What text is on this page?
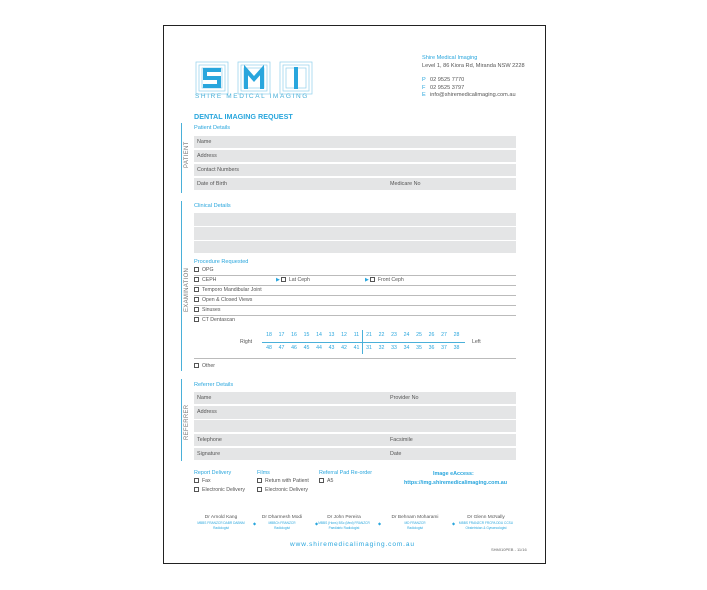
SHIRE MEDICAL IMAGING
Shire Medical Imaging
Level 1, 86 Kiora Rd, Miranda NSW 2228
P 02 9525 7770
F 02 9525 3797
E info@shiremedicalimaging.com.au
DENTAL IMAGING REQUEST
PATIENT
Patient Details
Name
Address
Contact Numbers
Date of Birth	Medicare No
EXAMINATION
Clinical Details
Procedure Requested
OPG
CEPH	▶ Lat Ceph	▶ Front Ceph
Temporo Mandibular Joint
Open & Closed Views
Sinuses
CT Dentascan
Right	Left
18	17	16	15	14	13	12	11	21	22	23	24	25	26	27	28
48	47	46	45	44	43	42	41	31	32	33	34	35	36	37	38
Other
REFERRER
Referrer Details
Name	Provider No
Address
Telephone	Facsimile
Signature	Date
Report Delivery
Fax
Electronic Delivery
Films
Return with Patient
Electronic Delivery
Referral Pad Re-order
A5
Image eAccess:
https://img.shiremedicalimaging.com.au
Dr Arnold Kang
MBBS FRANZCR DABR DABNM
Radiologist
◆
Dr Dharmesh Modi
MBBCh FRANZCR
Radiologist
◆
Dr John Pereira
MBBS (Hons) BSc (Med) FRANZCR
Paediatric Radiologist
◆
Dr Behnam Moharami
MD FRANZCR
Radiologist
◆
Dr Glenn McNally
MBBS FRANZCR FRCPA DDU CCSU
Obstetrician & Gynaecologist
www.shiremedicalimaging.com.au
SHMI10PEB - 11/16
